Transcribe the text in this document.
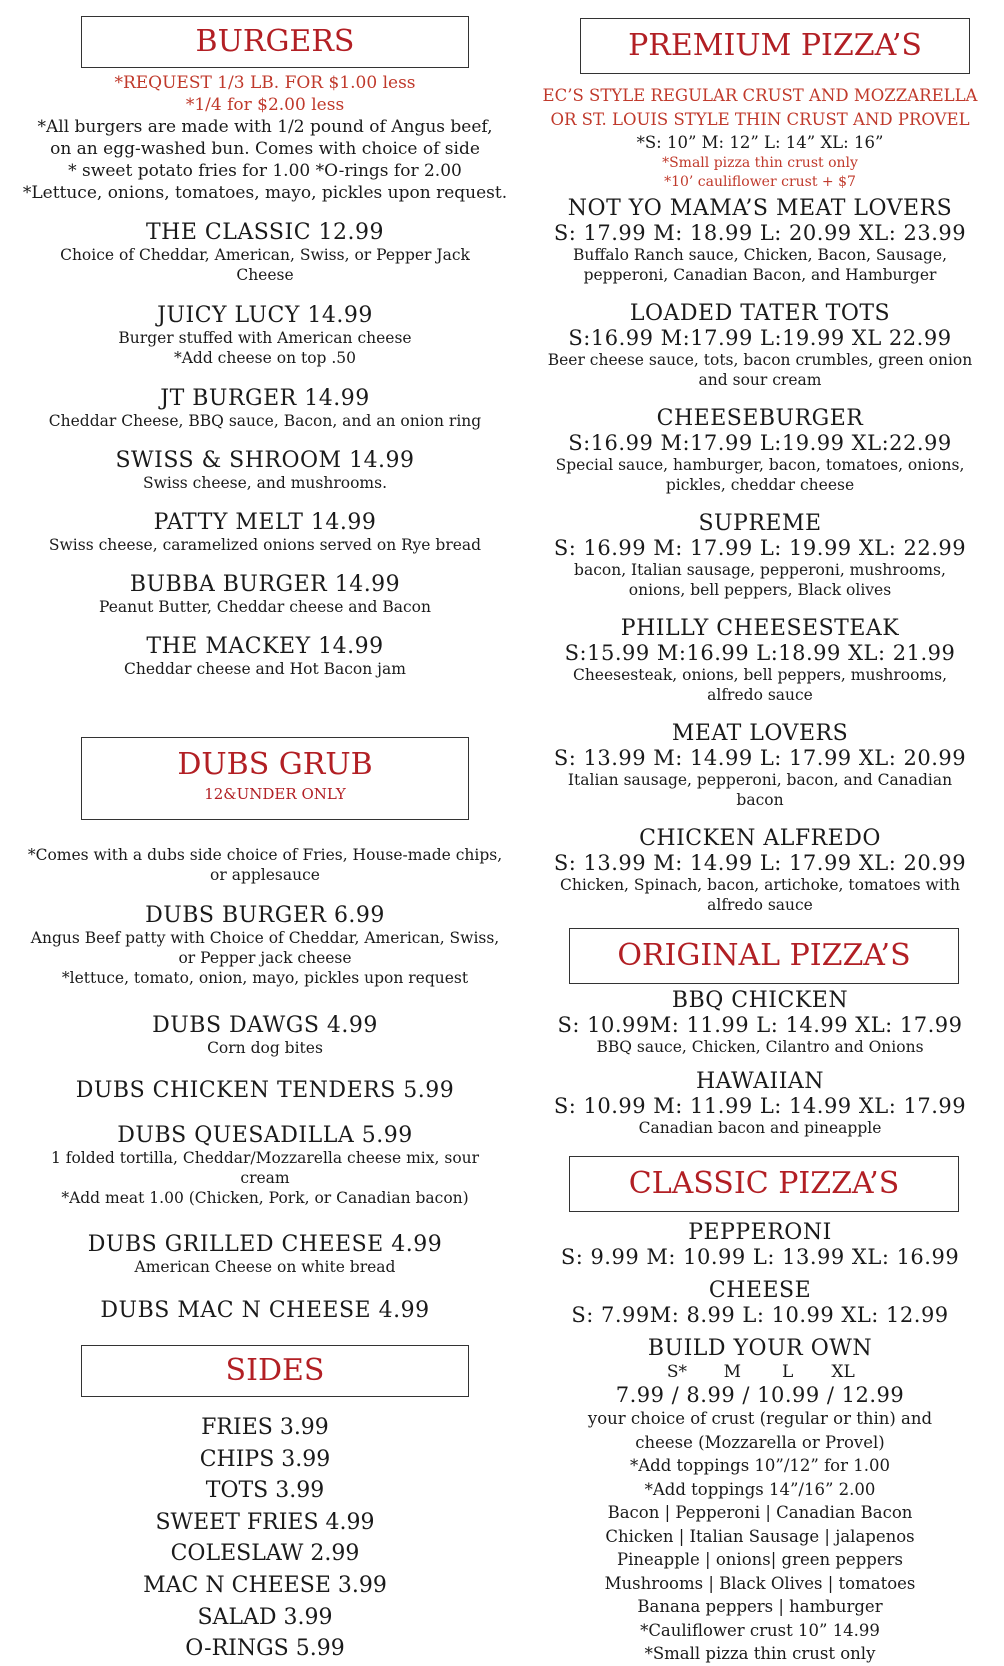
BURGERS

*REQUEST 1/3 LB. FOR $1.00 less

*1/4 for $2.00 less

*All burgers are made with 1/2 pound of Angus beef,

on an egg-washed bun. Comes with choice of side

* sweet potato fries for 1.00 *O-rings for 2.00

*Lettuce, onions, tomatoes, mayo, pickles upon request.

THE CLASSIC 12.99

Choice of Cheddar, American, Swiss, or Pepper Jack

Cheese

JUICY LUCY 14.99

Burger stuffed with American cheese

*Add cheese on top .50

JT BURGER 14.99

Cheddar Cheese, BBQ sauce, Bacon, and an onion ring

SWISS & SHROOM 14.99

Swiss cheese, and mushrooms.

PATTY MELT 14.99

Swiss cheese, caramelized onions served on Rye bread

BUBBA BURGER 14.99

Peanut Butter, Cheddar cheese and Bacon

THE MACKEY 14.99

Cheddar cheese and Hot Bacon jam

DUBS GRUB
12&UNDER ONLY

*Comes with a dubs side choice of Fries, House-made chips,

or applesauce

DUBS BURGER 6.99

Angus Beef patty with Choice of Cheddar, American, Swiss,

or Pepper jack cheese

*lettuce, tomato, onion, mayo, pickles upon request

DUBS DAWGS 4.99

Corn dog bites

DUBS CHICKEN TENDERS 5.99

DUBS QUESADILLA 5.99

1 folded tortilla, Cheddar/Mozzarella cheese mix, sour

cream

*Add meat 1.00 (Chicken, Pork, or Canadian bacon)

DUBS GRILLED CHEESE 4.99

American Cheese on white bread

DUBS MAC N CHEESE 4.99

SIDES

FRIES 3.99

CHIPS 3.99

TOTS 3.99

SWEET FRIES 4.99

COLESLAW 2.99

MAC N CHEESE 3.99

SALAD 3.99

O-RINGS 5.99

PREMIUM PIZZA’S

EC’S STYLE REGULAR CRUST AND MOZZARELLA

OR ST. LOUIS STYLE THIN CRUST AND PROVEL

*S: 10” M: 12” L: 14” XL: 16”

*Small pizza thin crust only

*10’ cauliflower crust + $7

NOT YO MAMA’S MEAT LOVERS

S: 17.99 M: 18.99 L: 20.99 XL: 23.99

Buffalo Ranch sauce, Chicken, Bacon, Sausage,

pepperoni, Canadian Bacon, and Hamburger

LOADED TATER TOTS

S:16.99 M:17.99 L:19.99 XL 22.99

Beer cheese sauce, tots, bacon crumbles, green onion

and sour cream

CHEESEBURGER

S:16.99 M:17.99 L:19.99 XL:22.99

Special sauce, hamburger, bacon, tomatoes, onions,

pickles, cheddar cheese

SUPREME

S: 16.99 M: 17.99 L: 19.99 XL: 22.99

bacon, Italian sausage, pepperoni, mushrooms,

onions, bell peppers, Black olives

PHILLY CHEESESTEAK

S:15.99 M:16.99 L:18.99 XL: 21.99

Cheesesteak, onions, bell peppers, mushrooms,

alfredo sauce

MEAT LOVERS

S: 13.99 M: 14.99 L: 17.99 XL: 20.99

Italian sausage, pepperoni, bacon, and Canadian

bacon

CHICKEN ALFREDO

S: 13.99 M: 14.99 L: 17.99 XL: 20.99

Chicken, Spinach, bacon, artichoke, tomatoes with

alfredo sauce

ORIGINAL PIZZA’S

BBQ CHICKEN

S: 10.99M: 11.99 L: 14.99 XL: 17.99

BBQ sauce, Chicken, Cilantro and Onions

HAWAIIAN

S: 10.99 M: 11.99 L: 14.99 XL: 17.99

Canadian bacon and pineapple

CLASSIC PIZZA’S

PEPPERONI

S: 9.99 M: 10.99 L: 13.99 XL: 16.99

CHEESE

S: 7.99M: 8.99 L: 10.99 XL: 12.99

BUILD YOUR OWN

S* M L XL

7.99 / 8.99 / 10.99 / 12.99

your choice of crust (regular or thin) and

cheese (Mozzarella or Provel)

*Add toppings 10”/12” for 1.00

*Add toppings 14”/16” 2.00

Bacon | Pepperoni | Canadian Bacon

Chicken | Italian Sausage | jalapenos

Pineapple | onions| green peppers

Mushrooms | Black Olives | tomatoes

Banana peppers | hamburger

*Cauliflower crust 10” 14.99

*Small pizza thin crust only
